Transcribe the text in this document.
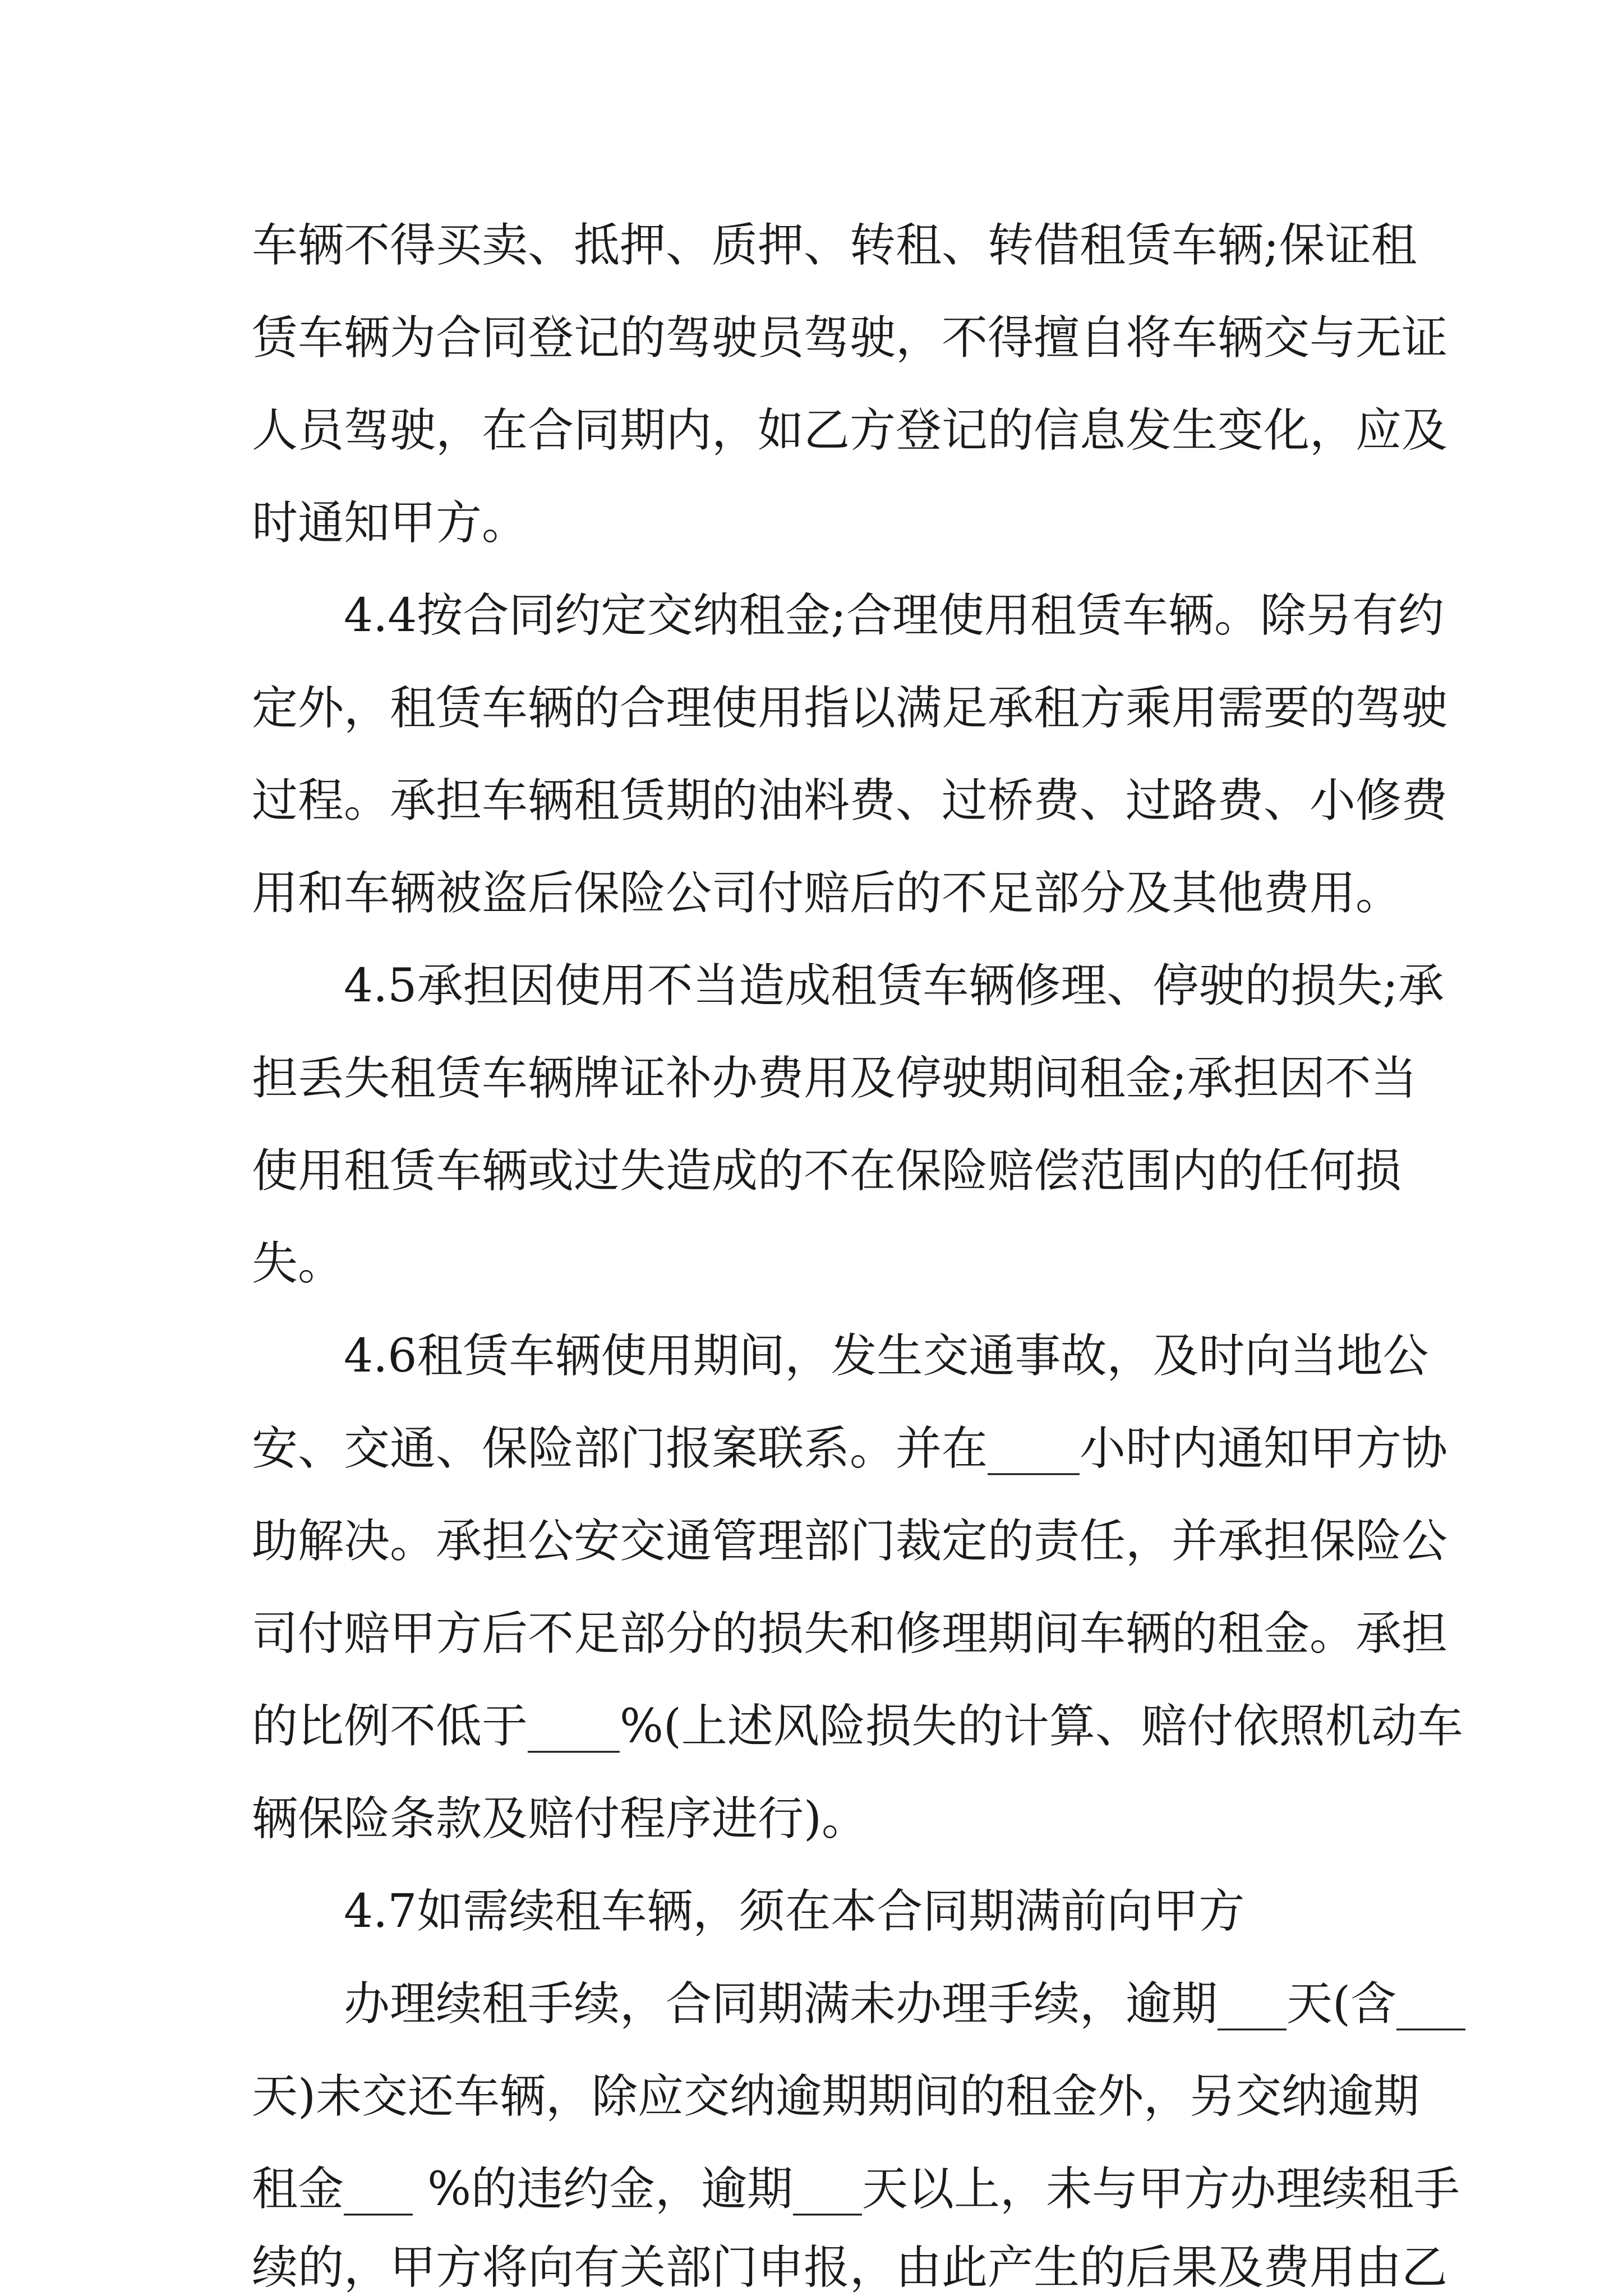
车辆不得买卖、抵押、质押、转租、转借租赁车辆;保证租
赁车辆为合同登记的驾驶员驾驶，不得擅自将车辆交与无证
人员驾驶，在合同期内，如乙方登记的信息发生变化，应及
时通知甲方。
4.4按合同约定交纳租金;合理使用租赁车辆。除另有约
定外，租赁车辆的合理使用指以满足承租方乘用需要的驾驶
过程。承担车辆租赁期的油料费、过桥费、过路费、小修费
用和车辆被盗后保险公司付赔后的不足部分及其他费用。
4.5承担因使用不当造成租赁车辆修理、停驶的损失;承
担丢失租赁车辆牌证补办费用及停驶期间租金;承担因不当
使用租赁车辆或过失造成的不在保险赔偿范围内的任何损
失。
4.6租赁车辆使用期间，发生交通事故，及时向当地公
安、交通、保险部门报案联系。并在____小时内通知甲方协
助解决。承担公安交通管理部门裁定的责任，并承担保险公
司付赔甲方后不足部分的损失和修理期间车辆的租金。承担
的比例不低于____%(上述风险损失的计算、赔付依照机动车
辆保险条款及赔付程序进行)。
4.7如需续租车辆，须在本合同期满前向甲方
办理续租手续，合同期满未办理手续，逾期___天(含___
天)未交还车辆，除应交纳逾期期间的租金外，另交纳逾期
租金___ %的违约金，逾期___天以上，未与甲方办理续租手
续的，甲方将向有关部门申报，由此产生的后果及费用由乙
